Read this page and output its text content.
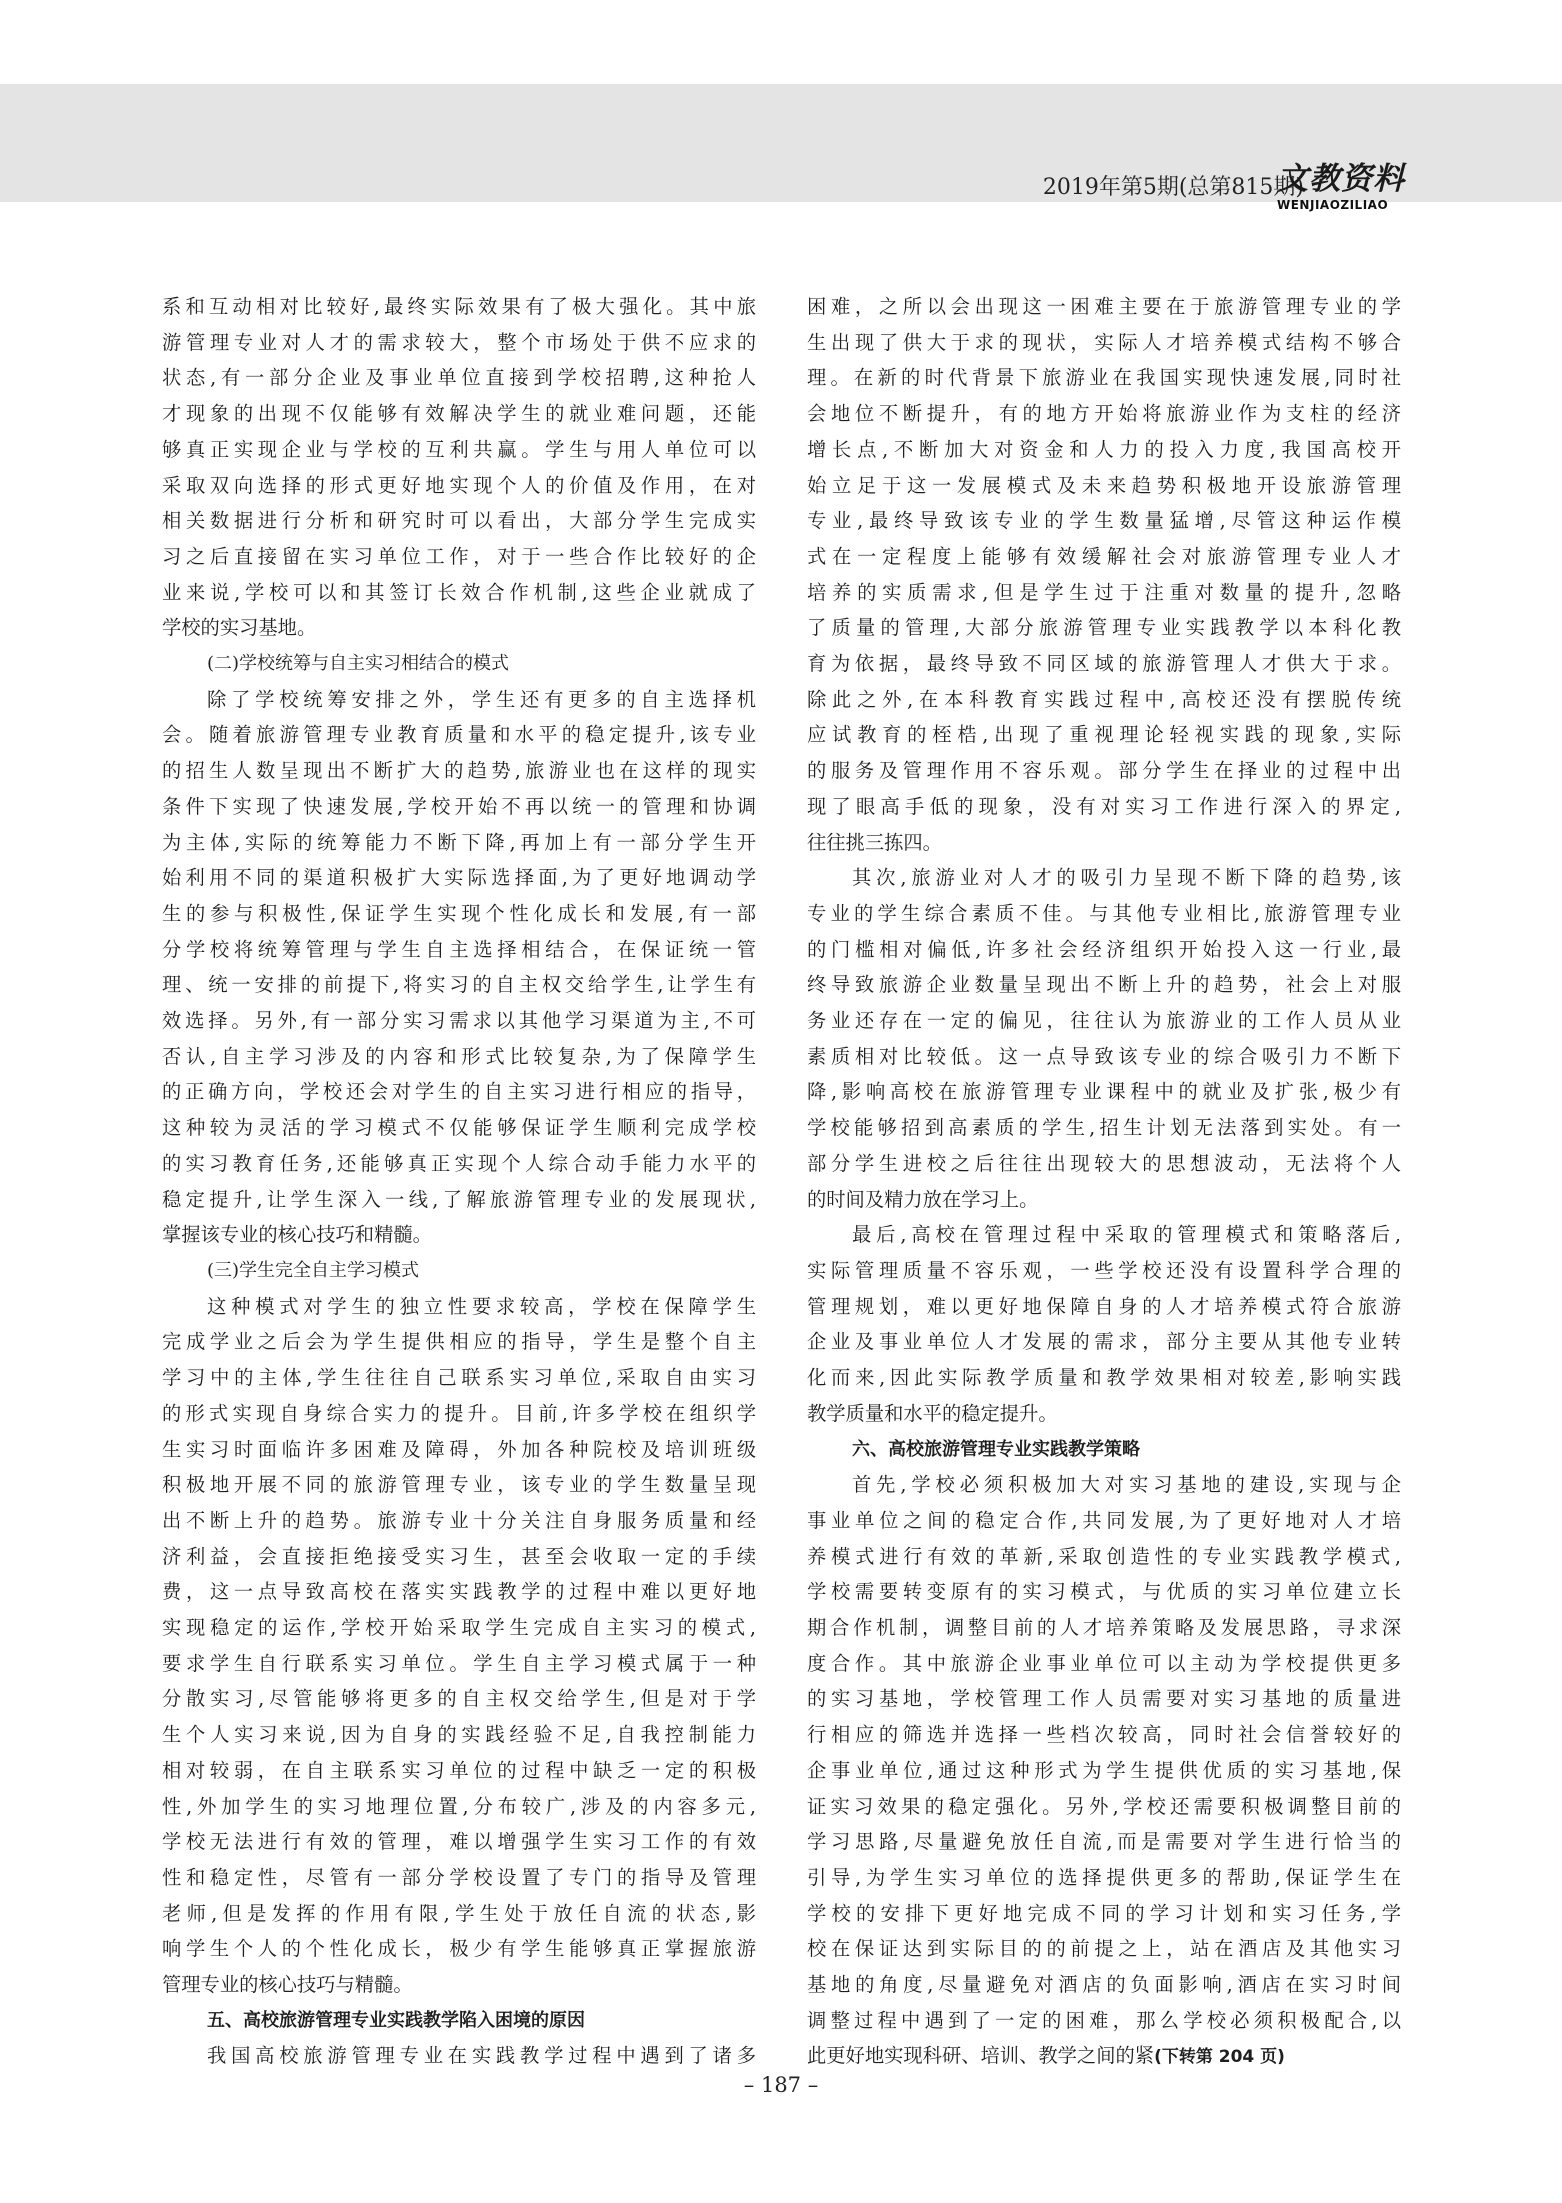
2019年第5期(总第815期)
文教资料
WENJIAOZILIAO

系和互动相对比较好,最终实际效果有了极大强化。其中旅

游管理专业对人才的需求较大，整个市场处于供不应求的

状态,有一部分企业及事业单位直接到学校招聘,这种抢人

才现象的出现不仅能够有效解决学生的就业难问题，还能

够真正实现企业与学校的互利共赢。学生与用人单位可以

采取双向选择的形式更好地实现个人的价值及作用，在对

相关数据进行分析和研究时可以看出，大部分学生完成实

习之后直接留在实习单位工作，对于一些合作比较好的企

业来说,学校可以和其签订长效合作机制,这些企业就成了

学校的实习基地。

(二)学校统筹与自主实习相结合的模式

除了学校统筹安排之外，学生还有更多的自主选择机

会。随着旅游管理专业教育质量和水平的稳定提升,该专业

的招生人数呈现出不断扩大的趋势,旅游业也在这样的现实

条件下实现了快速发展,学校开始不再以统一的管理和协调

为主体,实际的统筹能力不断下降,再加上有一部分学生开

始利用不同的渠道积极扩大实际选择面,为了更好地调动学

生的参与积极性,保证学生实现个性化成长和发展,有一部

分学校将统筹管理与学生自主选择相结合，在保证统一管

理、统一安排的前提下,将实习的自主权交给学生,让学生有

效选择。另外,有一部分实习需求以其他学习渠道为主,不可

否认,自主学习涉及的内容和形式比较复杂,为了保障学生

的正确方向，学校还会对学生的自主实习进行相应的指导，

这种较为灵活的学习模式不仅能够保证学生顺利完成学校

的实习教育任务,还能够真正实现个人综合动手能力水平的

稳定提升,让学生深入一线,了解旅游管理专业的发展现状,

掌握该专业的核心技巧和精髓。

(三)学生完全自主学习模式

这种模式对学生的独立性要求较高，学校在保障学生

完成学业之后会为学生提供相应的指导，学生是整个自主

学习中的主体,学生往往自己联系实习单位,采取自由实习

的形式实现自身综合实力的提升。目前,许多学校在组织学

生实习时面临许多困难及障碍，外加各种院校及培训班级

积极地开展不同的旅游管理专业，该专业的学生数量呈现

出不断上升的趋势。旅游专业十分关注自身服务质量和经

济利益，会直接拒绝接受实习生，甚至会收取一定的手续

费，这一点导致高校在落实实践教学的过程中难以更好地

实现稳定的运作,学校开始采取学生完成自主实习的模式,

要求学生自行联系实习单位。学生自主学习模式属于一种

分散实习,尽管能够将更多的自主权交给学生,但是对于学

生个人实习来说,因为自身的实践经验不足,自我控制能力

相对较弱，在自主联系实习单位的过程中缺乏一定的积极

性,外加学生的实习地理位置,分布较广,涉及的内容多元,

学校无法进行有效的管理，难以增强学生实习工作的有效

性和稳定性，尽管有一部分学校设置了专门的指导及管理

老师,但是发挥的作用有限,学生处于放任自流的状态,影

响学生个人的个性化成长，极少有学生能够真正掌握旅游

管理专业的核心技巧与精髓。

五、高校旅游管理专业实践教学陷入困境的原因

我国高校旅游管理专业在实践教学过程中遇到了诸多

困难，之所以会出现这一困难主要在于旅游管理专业的学

生出现了供大于求的现状，实际人才培养模式结构不够合

理。在新的时代背景下旅游业在我国实现快速发展,同时社

会地位不断提升，有的地方开始将旅游业作为支柱的经济

增长点,不断加大对资金和人力的投入力度,我国高校开

始立足于这一发展模式及未来趋势积极地开设旅游管理

专业,最终导致该专业的学生数量猛增,尽管这种运作模

式在一定程度上能够有效缓解社会对旅游管理专业人才

培养的实质需求,但是学生过于注重对数量的提升,忽略

了质量的管理,大部分旅游管理专业实践教学以本科化教

育为依据，最终导致不同区域的旅游管理人才供大于求。

除此之外,在本科教育实践过程中,高校还没有摆脱传统

应试教育的桎梏,出现了重视理论轻视实践的现象,实际

的服务及管理作用不容乐观。部分学生在择业的过程中出

现了眼高手低的现象，没有对实习工作进行深入的界定,

往往挑三拣四。

其次,旅游业对人才的吸引力呈现不断下降的趋势,该

专业的学生综合素质不佳。与其他专业相比,旅游管理专业

的门槛相对偏低,许多社会经济组织开始投入这一行业,最

终导致旅游企业数量呈现出不断上升的趋势，社会上对服

务业还存在一定的偏见，往往认为旅游业的工作人员从业

素质相对比较低。这一点导致该专业的综合吸引力不断下

降,影响高校在旅游管理专业课程中的就业及扩张,极少有

学校能够招到高素质的学生,招生计划无法落到实处。有一

部分学生进校之后往往出现较大的思想波动，无法将个人

的时间及精力放在学习上。

最后,高校在管理过程中采取的管理模式和策略落后,

实际管理质量不容乐观，一些学校还没有设置科学合理的

管理规划，难以更好地保障自身的人才培养模式符合旅游

企业及事业单位人才发展的需求，部分主要从其他专业转

化而来,因此实际教学质量和教学效果相对较差,影响实践

教学质量和水平的稳定提升。

六、高校旅游管理专业实践教学策略

首先,学校必须积极加大对实习基地的建设,实现与企

事业单位之间的稳定合作,共同发展,为了更好地对人才培

养模式进行有效的革新,采取创造性的专业实践教学模式,

学校需要转变原有的实习模式，与优质的实习单位建立长

期合作机制，调整目前的人才培养策略及发展思路，寻求深

度合作。其中旅游企业事业单位可以主动为学校提供更多

的实习基地，学校管理工作人员需要对实习基地的质量进

行相应的筛选并选择一些档次较高，同时社会信誉较好的

企事业单位,通过这种形式为学生提供优质的实习基地,保

证实习效果的稳定强化。另外,学校还需要积极调整目前的

学习思路,尽量避免放任自流,而是需要对学生进行恰当的

引导,为学生实习单位的选择提供更多的帮助,保证学生在

学校的安排下更好地完成不同的学习计划和实习任务,学

校在保证达到实际目的的前提之上，站在酒店及其他实习

基地的角度,尽量避免对酒店的负面影响,酒店在实习时间

调整过程中遇到了一定的困难，那么学校必须积极配合,以

此更好地实现科研、培训、教学之间的紧(下转第 204 页)

– 187 –
